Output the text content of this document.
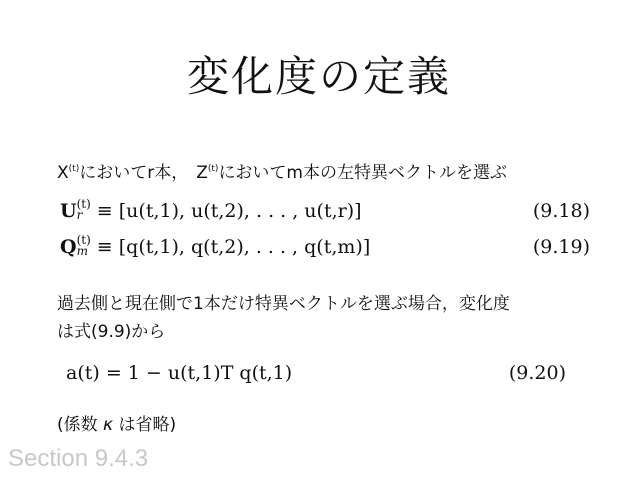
変化度の定義
$X^{(t)}$においてr本， $Z^{(t)}$においてm本の左特異ベクトルを選ぶ
U(t)
r ≡ [u(t,1), u(t,2), . . . , u(t,r)]	(9.18)
Q(t)
m ≡ [q(t,1), q(t,2), . . . , q(t,m)]	(9.19)
過去側と現在側で1本だけ特異ベクトルを選ぶ場合，変化度
は式(9.9)から
a(t) = 1 − u(t,1)T q(t,1)	(9.20)
(係数 κ は省略)
Section 9.4.3
